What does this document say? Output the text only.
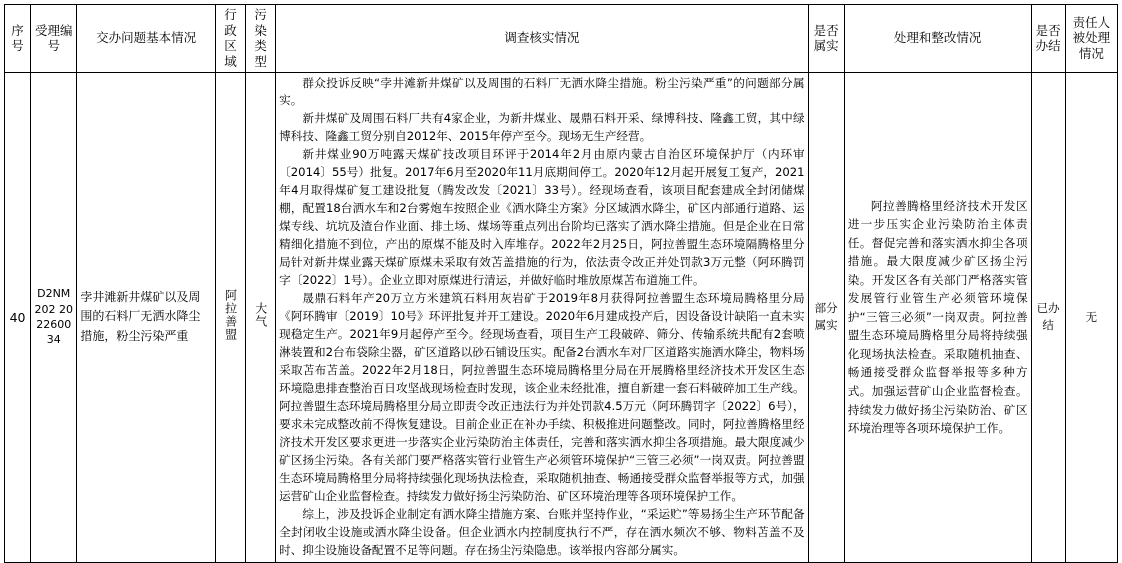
序号	受理编号	交办问题基本情况	行政区域	污染类型	调查核实情况	是否属实	处理和整改情况	是否办结	责任人被处理情况
40	D2NM202 2022600 34	孛井滩新井煤矿以及周围的石料厂无洒水降尘措施，粉尘污染严重	阿拉善盟	大气	群众投诉反映“孛井滩新井煤矿以及周围的石料厂无洒水降尘措施。粉尘污染严重”的问题部分属实。

新井煤矿及周围石料厂共有4家企业，为新井煤业、晟鼎石料开采、绿博科技、隆鑫工贸，其中绿博科技、隆鑫工贸分别自2012年、2015年停产至今。现场无生产经营。

新井煤业90万吨露天煤矿技改项目环评于2014年2月由原内蒙古自治区环境保护厅（内环审〔2014〕55号）批复。2017年6月至2020年11月底期间停工。2020年12月起开展复工复产，2021年4月取得煤矿复工建设批复（腾发改发〔2021〕33号）。经现场查看，该项目配套建成全封闭储煤棚，配置18台洒水车和2台雾炮车按照企业《洒水降尘方案》分区域洒水降尘，矿区内部通行道路、运煤专线、坑坑及渣台作业面、排土场、煤场等重点列出台阶均已落实了洒水降尘措施。但是企业在日常精细化措施不到位，产出的原煤不能及时入库堆存。2022年2月25日，阿拉善盟生态环境隔腾格里分局针对新井煤业露天煤矿原煤未采取有效苫盖措施的行为，依法责令改正并处罚款3万元整（阿环腾罚字〔2022〕1号）。企业立即对原煤进行清运，并做好临时堆放原煤苫布道施工件。

晟鼎石料年产20万立方米建筑石料用灰岩矿于2019年8月获得阿拉善盟生态环境局腾格里分局《阿环腾审〔2019〕10号》环评批复并开工建设。2020年6月建成投产后，因设备设计缺陷一直未实现稳定生产。2021年9月起停产至今。经现场查看，项目生产工段破碎、筛分、传输系统共配有2套喷淋装置和2台布袋除尘器，矿区道路以砂石铺设压实。配备2台洒水车对厂区道路实施洒水降尘，物料场采取苫布苫盖。2022年2月18日，阿拉善盟生态环境局腾格里分局在开展腾格里经济技术开发区生态环境隐患排查整治百日攻坚战现场检查时发现，该企业未经批准，擅自新建一套石料破碎加工生产线。阿拉善盟生态环境局腾格里分局立即责令改正违法行为并处罚款4.5万元（阿环腾罚字〔2022〕6号），要求未完成整改前不得恢复建设。目前企业正在补办手续、积极推进问题整改。同时，阿拉善腾格里经济技术开发区要求更进一步落实企业污染防治主体责任，完善和落实洒水抑尘各项措施。最大限度减少矿区扬尘污染。各有关部门要严格落实管行业管生产必须管环境保护“三管三必须”一岗双责。阿拉善盟生态环境局腾格里分局将持续强化现场执法检查，采取随机抽查、畅通接受群众监督举报等方式，加强运营矿山企业监督检查。持续发力做好扬尘污染防治、矿区环境治理等各项环境保护工作。

综上，涉及投诉企业制定有洒水降尘措施方案、台账并坚持作业，“采运贮”等易扬尘生产环节配备全封闭收尘设施或洒水降尘设备。但企业洒水内控制度执行不严，存在洒水频次不够、物料苫盖不及时、抑尘设施设备配置不足等问题。存在扬尘污染隐患。该举报内容部分属实。	部分属实	阿拉善腾格里经济技术开发区进一步压实企业污染防治主体责任。督促完善和落实洒水抑尘各项措施。最大限度减少矿区扬尘污染。开发区各有关部门严格落实管发展管行业管生产必须管环境保护“三管三必须”一岗双责。阿拉善盟生态环境局腾格里分局将持续强化现场执法检查。采取随机抽查、畅通接受群众监督举报等多种方式。加强运营矿山企业监督检查。持续发力做好扬尘污染防治、矿区环境治理等各项环境保护工作。	已办结	无
